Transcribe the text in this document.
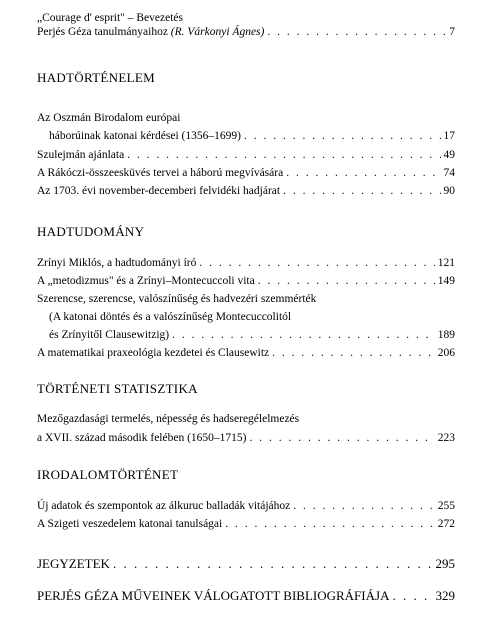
„Courage d' esprit" – Bevezetés
Perjés Géza tanulmányaihoz (R. Várkonyi Ágnes) . . .	7
HADTÖRTÉNELEM
Az Oszmán Birodalom európai
háborúinak katonai kérdései (1356–1699) . . .	17
Szulejmán ajánlata . . .	49
A Rákóczi-összeesküvés tervei a háború megvívására . . .	74
Az 1703. évi november-decemberi felvidéki hadjárat . . .	90
HADTUDOMÁNY
Zrínyi Miklós, a hadtudományi író . . .	121
A „metodizmus" és a Zrínyi–Montecuccoli vita . . .	149
Szerencse, szerencse, valószínűség és hadvezéri szemmérték
(A katonai döntés és a valószínűség Montecuccolitól
és Zrínyitől Clausewitzig) . . .	189
A matematikai praxeológia kezdetei és Clausewitz . . .	206
TÖRTÉNETI STATISZTIKA
Mezőgazdasági termelés, népesség és hadseregélelmezés
a XVII. század második felében (1650–1715) . . .	223
IRODALOMTÖRTÉNET
Új adatok és szempontok az álkuruc balladák vitájához . . .	255
A Szigeti veszedelem katonai tanulságai . . .	272
JEGYZETEK . . .	295
PERJÉS GÉZA MŰVEINEK VÁLOGATOTT BIBLIOGRÁFIÁJA . . .	329
